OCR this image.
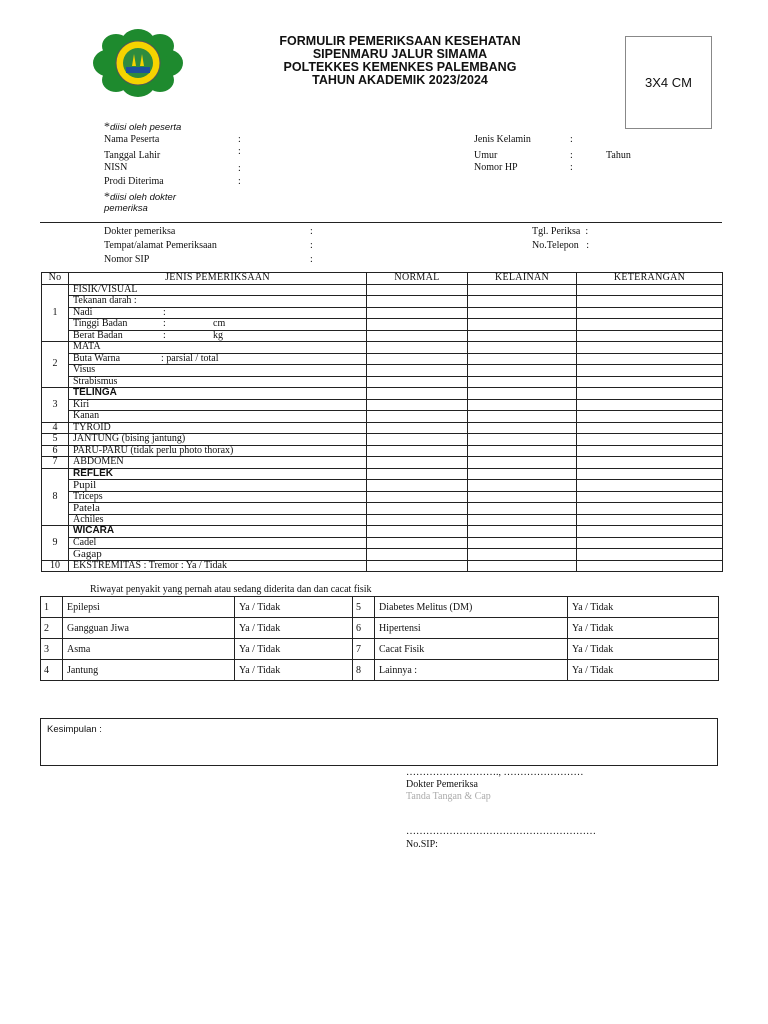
FORMULIR PEMERIKSAAN KESEHATAN
SIPENMARU JALUR SIMAMA
POLTEKKES KEMENKES PALEMBANG
TAHUN AKADEMIK 2023/2024	3X4 CM
*diisi oleh peserta
Nama Peserta	:
Tanggal Lahir	:
NISN	:
Prodi Diterima	:
Jenis Kelamin	:
Umur	:	Tahun
Nomor HP	:
*diisi oleh dokter
pemeriksa
Dokter pemeriksa	:
Tempat/alamat Pemeriksaan	:
Nomor SIP	:
Tgl. Periksa :
No.Telepon :
No	JENIS PEMERIKSAAN	NORMAL	KELAINAN	KETERANGAN
1	FISIK/VISUAL			
	Tekanan darah :			
	Nadi :			
	Tinggi Badan : cm			
	Berat Badan : kg			
2	MATA			
	Buta Warna : parsial / total			
	Visus			
	Strabismus			
3	TELINGA			
	Kiri			
	Kanan			
4	TYROID			
5	JANTUNG (bising jantung)			
6	PARU-PARU (tidak perlu photo thorax)			
7	ABDOMEN			
8	REFLEK			
	Pupil			
	Triceps			
	Patela			
	Achiles			
9	WICARA			
	Cadel			
	Gagap			
10	EKSTREMITAS : Tremor : Ya / Tidak			
Riwayat penyakit yang pernah atau sedang diderita dan dan cacat fisik
1	Epilepsi	Ya / Tidak	5	Diabetes Melitus (DM)	Ya / Tidak
2	Gangguan Jiwa	Ya / Tidak	6	Hipertensi	Ya / Tidak
3	Asma	Ya / Tidak	7	Cacat Fisik	Ya / Tidak
4	Jantung	Ya / Tidak	8	Lainnya :	Ya / Tidak
Kesimpulan :
………………………., ……………………
Dokter Pemeriksa
Tanda Tangan & Cap
…………………………………………………
No.SIP:
